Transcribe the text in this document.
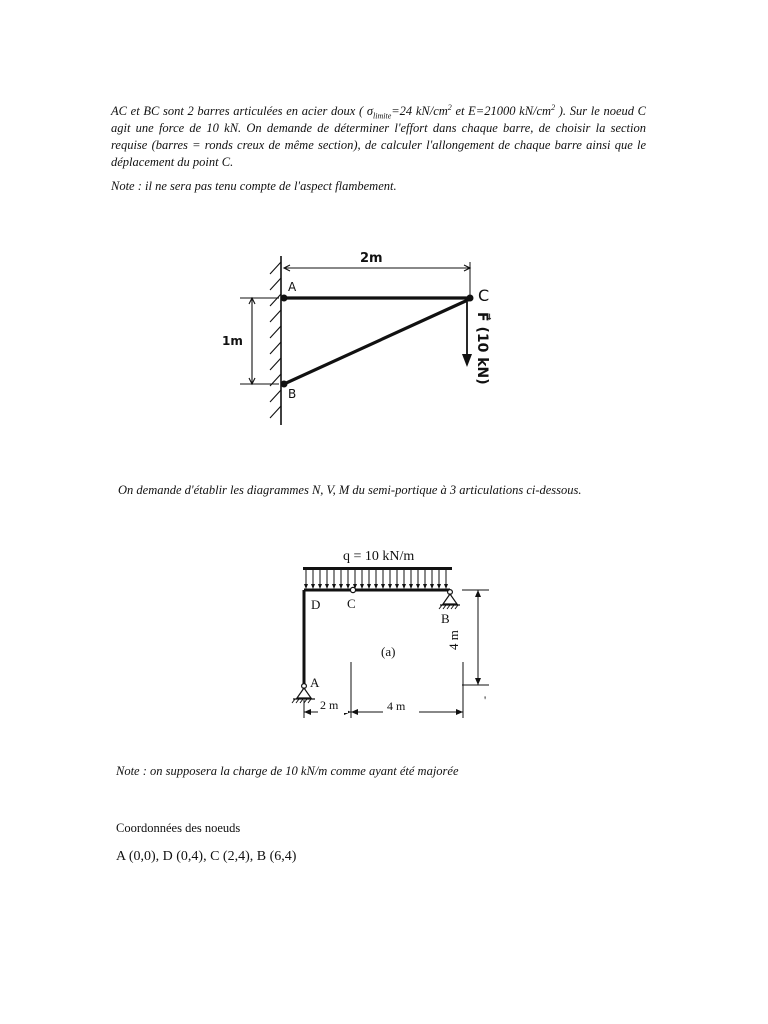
AC et BC sont 2 barres articulées en acier doux ( $\sigma_{limite}=24$ $kN/cm^2$ et E=21000 $kN/cm^2$ ). Sur le noeud C agit une force de 10 kN. On demande de déterminer l'effort dans chaque barre, de choisir la section requise (barres = ronds creux de même section), de calculer l'allongement de chaque barre ainsi que le déplacement du point C.
Note : il ne sera pas tenu compte de l'aspect flambement.
A
B
C
2m
1m	F⃗ (10 kN)
q = 10 kN/m
D C
B
A
(a)
4 m
2 m	4 m	'
On demande d'établir les diagrammes N, V, M du semi-portique à 3 articulations ci-dessous.
Note : on supposera la charge de 10 kN/m comme ayant été majorée
Coordonnées des noeuds
A (0,0), D (0,4), C (2,4), B (6,4)
